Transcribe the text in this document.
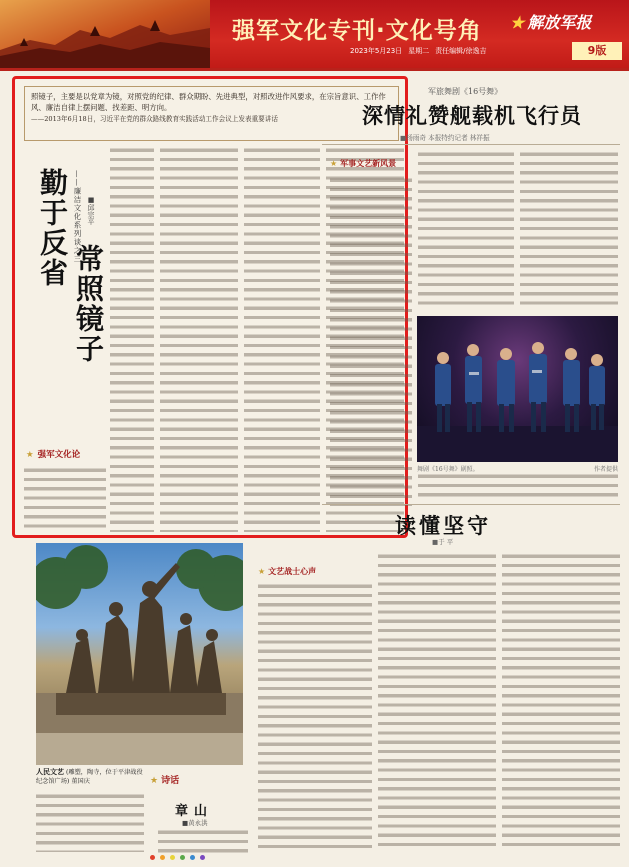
强军文化专刊·文化号角 ★ 解放军报
2023年5月23日 星期二 责任编辑/徐逸吉	9版
照镜子，主要是以党章为镜，对照党的纪律、群众期盼、先进典型，对照改进作风要求，在宗旨意识、工作作风、廉洁自律上摆问题、找差距、明方向。
——2013年6月18日，习近平在党的群众路线教育实践活动工作会议上发表重要讲话
勤于反省 ——廉洁文化系列谈之三 ■邱宗平
常照镜子
★ 强军文化论
军旅舞剧《16号舞》
深情礼赞舰载机飞行员
■杨雨奇 本报特约记者 林祥振
★ 军事文艺新风景
舞剧《16号舞》剧照。	作者提供
读懂坚守
■于 平
★ 文艺战士心声
人民文艺 (雕塑，陶寺，位于平津战役纪念馆广场) 董国庆	★ 诗话
章山
■黄永洪
